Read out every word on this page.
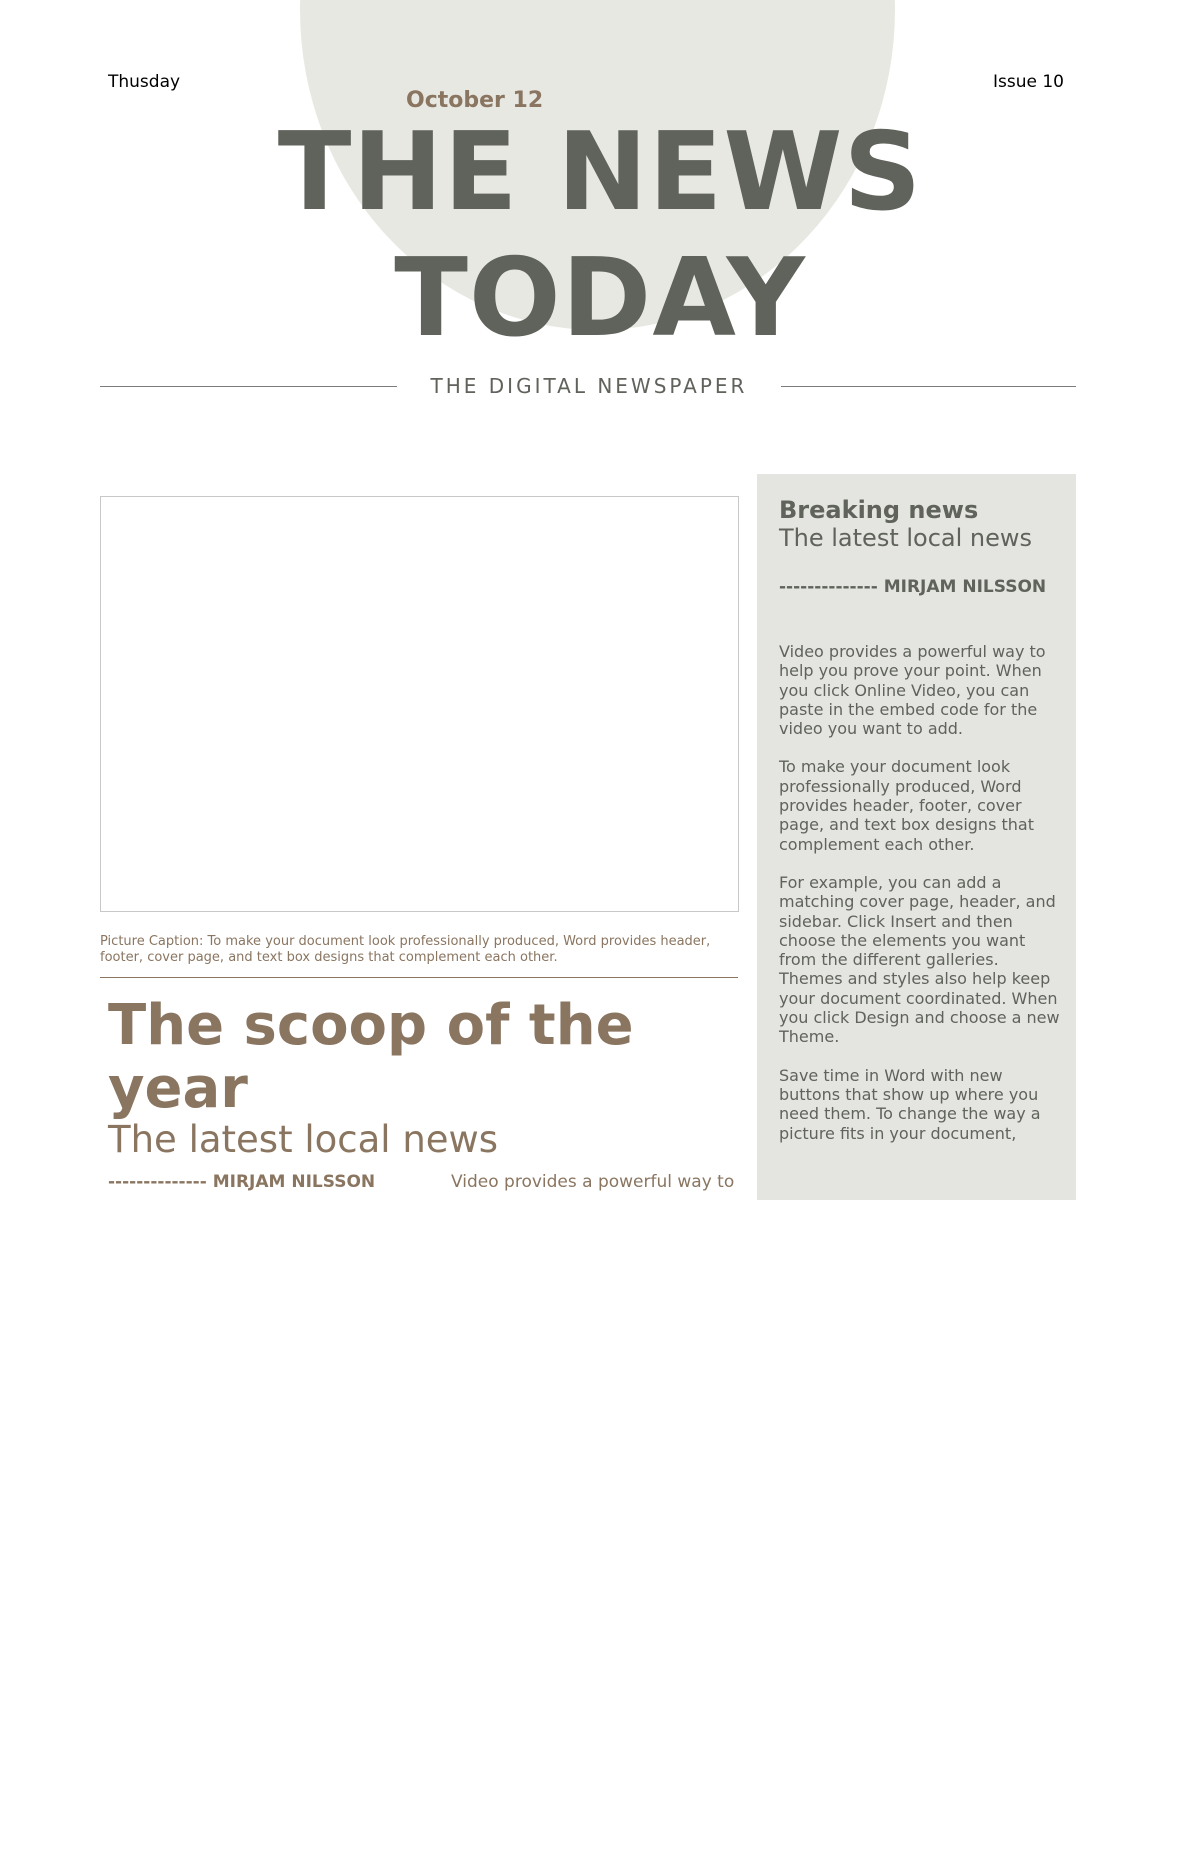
Thusday	Issue 10
October 12
THE NEWS
TODAY
THE DIGITAL NEWSPAPER
Picture Caption: To make your document look professionally produced, Word provides header, footer, cover page, and text box designs that complement each other.
The scoop of the
year
The latest local news
-------------- MIRJAM NILSSON	Video provides a powerful way to
Breaking news
The latest local news
-------------- MIRJAM NILSSON

Video provides a powerful way to help you prove your point. When you click Online Video, you can paste in the embed code for the video you want to add.

To make your document look professionally produced, Word provides header, footer, cover page, and text box designs that complement each other.

For example, you can add a matching cover page, header, and sidebar. Click Insert and then choose the elements you want from the different galleries. Themes and styles also help keep your document coordinated. When you click Design and choose a new Theme.

Save time in Word with new buttons that show up where you need them. To change the way a picture fits in your document,
